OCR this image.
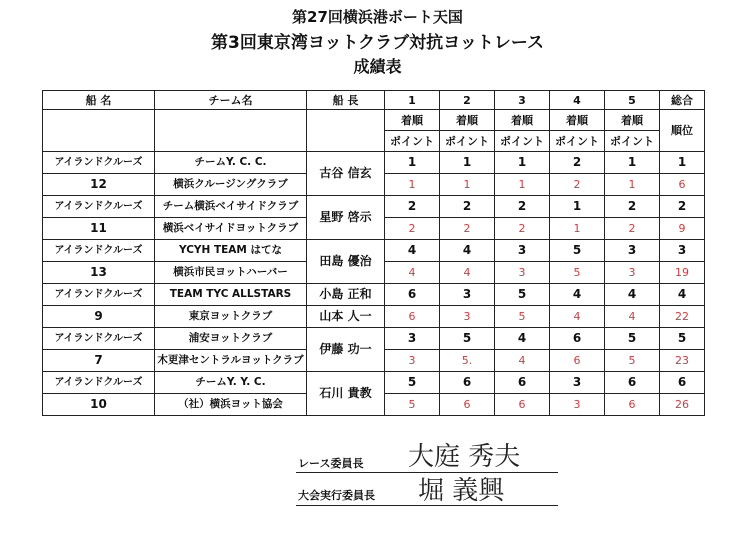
第27回横浜港ボート天国
第3回東京湾ヨットクラブ対抗ヨットレース
成績表
船 名	チーム名	船 長	1	2	3	4	5	総合
			着順	着順	着順	着順	着順	順位
			ポイント	ポイント	ポイント	ポイント	ポイント	
アイランドクルーズ	チームY. C. C.	古谷 信玄	1	1	1	2	1	1
12	横浜クルージングクラブ		1	1	1	2	1	6
アイランドクルーズ	チーム横浜ベイサイドクラブ	星野 啓示	2	2	2	1	2	2
11	横浜ベイサイドヨットクラブ		2	2	2	1	2	9
アイランドクルーズ	YCYH TEAM はてな	田島 優治	4	4	3	5	3	3
13	横浜市民ヨットハーバー		4	4	3	5	3	19
アイランドクルーズ	TEAM TYC ALLSTARS	小島 正和	6	3	5	4	4	4
9	東京ヨットクラブ	山本 人一	6	3	5	4	4	22
アイランドクルーズ	浦安ヨットクラブ	伊藤 功一	3	5	4	6	5	5
7	木更津セントラルヨットクラブ		3	5.	4	6	5	23
アイランドクルーズ	チームY. Y. C.	石川 貴教	5	6	6	3	6	6
10	（社）横浜ヨット協会		5	6	6	3	6	26
レース委員長 大庭 秀夫
大会実行委員長 堀 義興
